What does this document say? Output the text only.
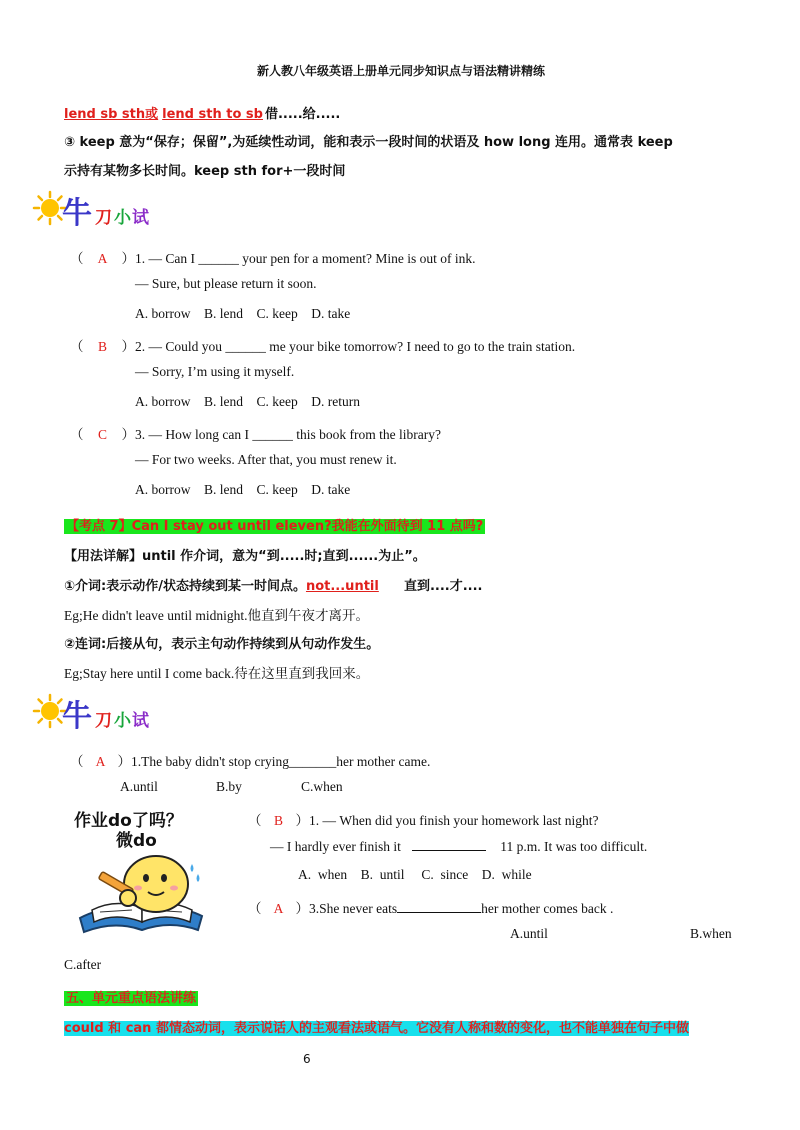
新人教八年级英语上册单元同步知识点与语法精讲精练
lend sb sth或 lend sth to sb 借.....给.....
③ keep 意为“保存；保留”,为延续性动词，能和表示一段时间的状语及 how long 连用。通常表 keep
示持有某物多长时间。keep sth for+一段时间
牛 刀 小 试
（ A ）1. — Can I ______ your pen for a moment? Mine is out of ink.
— Sure, but please return it soon.
A. borrow    B. lend    C. keep    D. take
（ B ）2. — Could you ______ me your bike tomorrow? I need to go to the train station.
— Sorry, I’m using it myself.
A. borrow    B. lend    C. keep    D. return
（ C ）3. — How long can I ______ this book from the library?
— For two weeks. After that, you must renew it.
A. borrow    B. lend    C. keep    D. take
【考点 7】Can I stay out until eleven?我能在外面待到 11 点吗?
【用法详解】until 作介词，意为“到.....时;直到......为止”。
①介词:表示动作/状态持续到某一时间点。not...until直到....才....
Eg;He didn't leave until midnight.他直到午夜才离开。
②连词:后接从句，表示主句动作持续到从句动作发生。
Eg;Stay here until I come back.待在这里直到我回来。
牛 刀 小 试
（ A ）1.The baby didn't stop crying_______her mother came.
A.until	B.by	C.when
作业do了吗？
微do
（ B ）1. — When did you finish your homework last night?
— I hardly ever finish it	11 p.m. It was too difficult.
A.  when    B.  until     C.  since    D.  while
（ A ）3.She never eats	her mother comes back .
A.until	B.when
C.after
五、单元重点语法讲练
could 和 can 都情态动词，表示说话人的主观看法或语气。它没有人称和数的变化，也不能单独在句子中做
6
